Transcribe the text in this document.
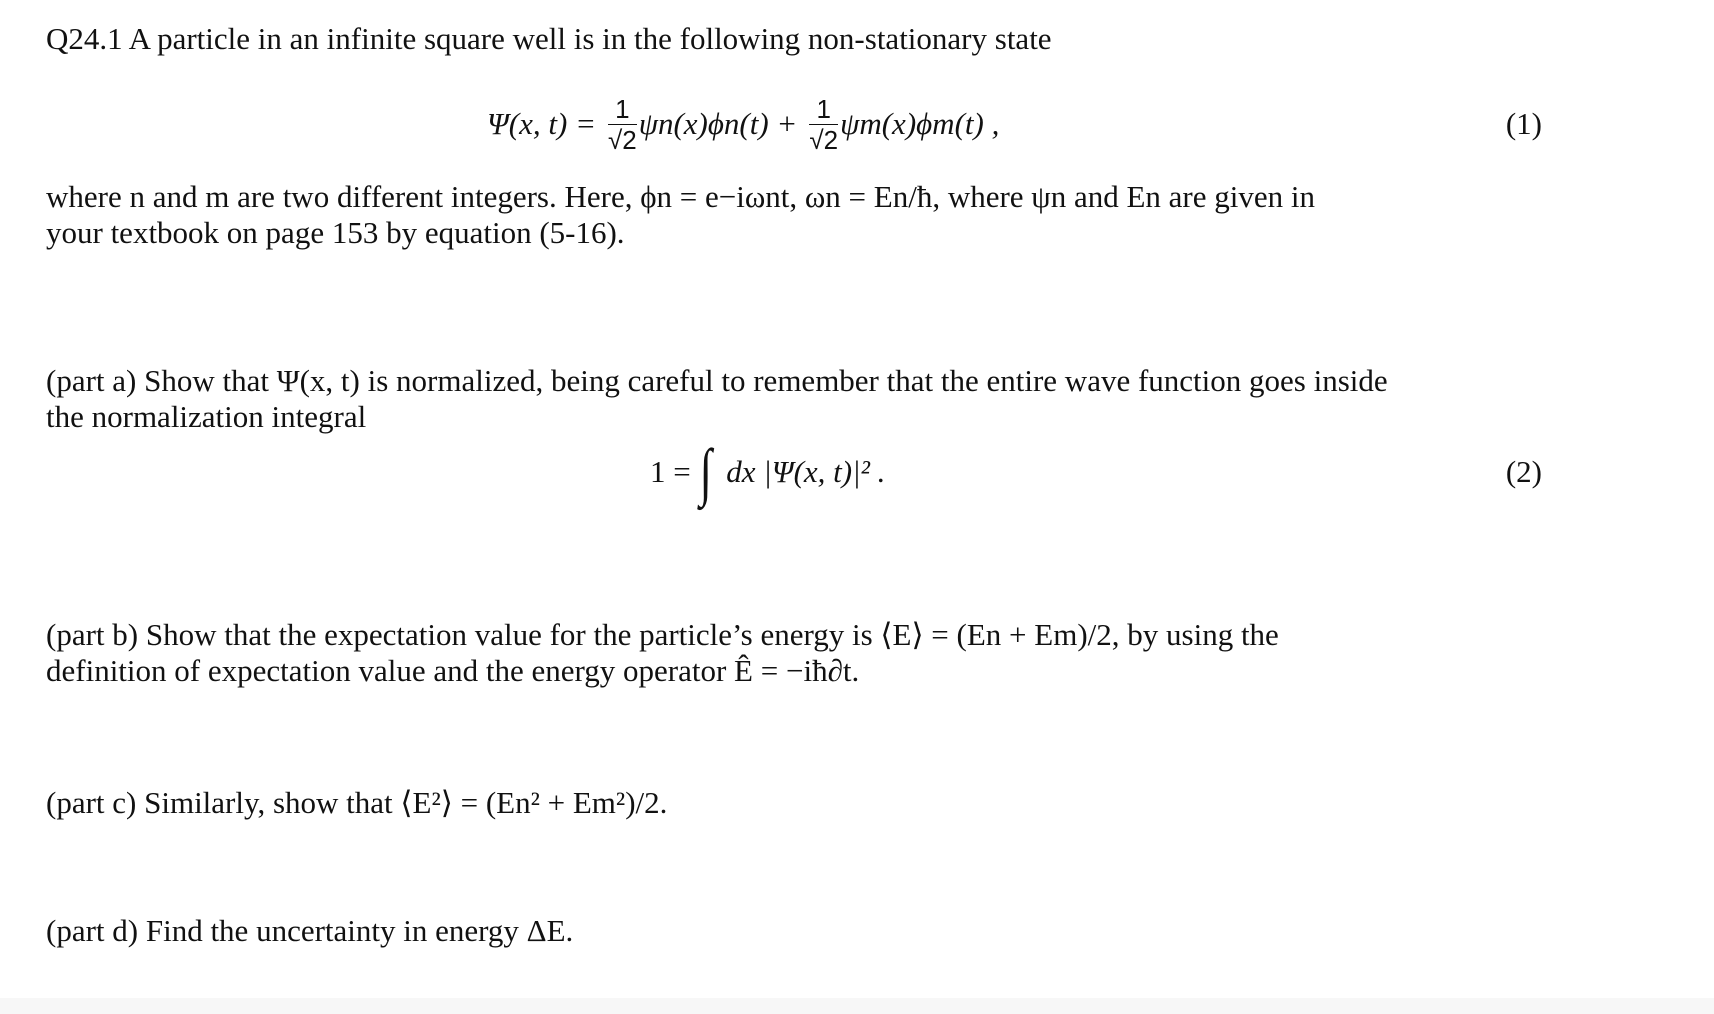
Q24.1 A particle in an infinite square well is in the following non-stationary state
Ψ(x, $t) = \frac{1}{√2} \psi n(x)\phi n(t) + \frac{1}{√2} \psi m(x)\phi m(t)$ ,	(1)
where n and m are two different integers. Here, ϕn = e−iωnt, ωn = En/ħ, where ψn and En are given in
your textbook on page 153 by equation (5-16).
(part a) Show that Ψ(x, t) is normalized, being careful to remember that the entire wave function goes inside
the normalization integral
1 = ∫ dx |Ψ(x, t)|² .	(2)
(part b) Show that the expectation value for the particle’s energy is ⟨E⟩ = (En + Em)/2, by using the
definition of expectation value and the energy operator Ê = −iħ∂t.
(part c) Similarly, show that ⟨E²⟩ = (En² + Em²)/2.
(part d) Find the uncertainty in energy ΔE.
